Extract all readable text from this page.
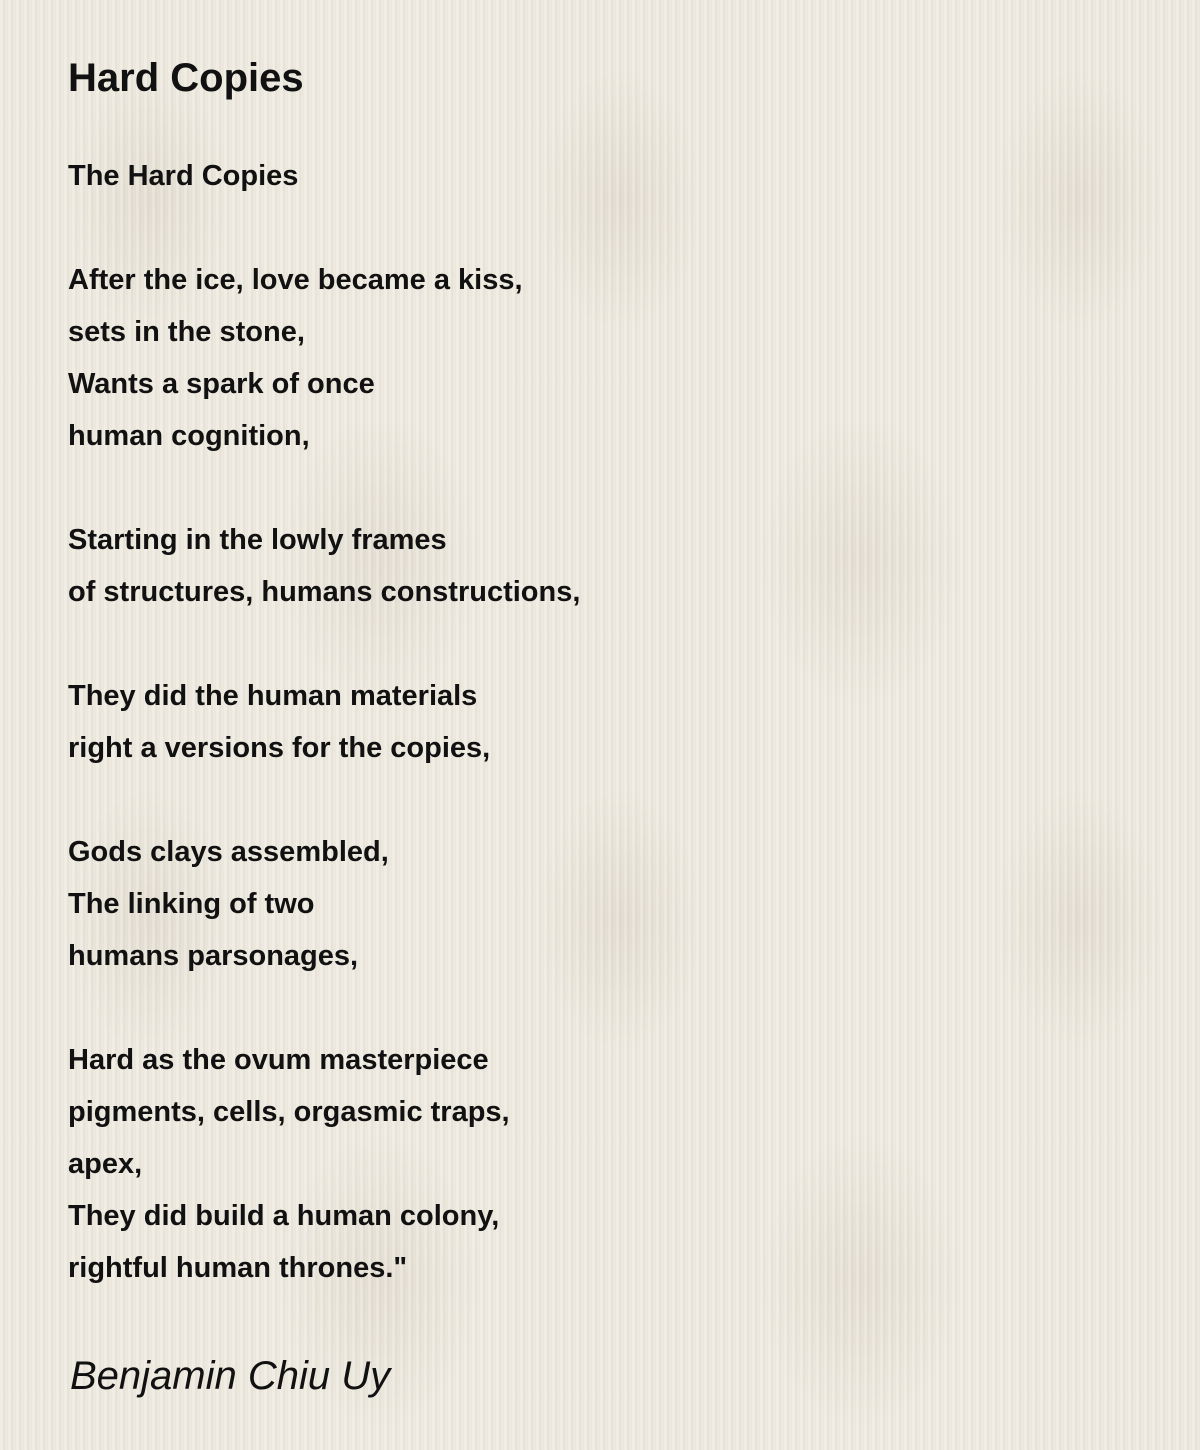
Hard Copies
The Hard Copies
After the ice, love became a kiss,
sets in the stone,
Wants a spark of once
human cognition,
Starting in the lowly frames
of structures, humans constructions,
They did the human materials
right a versions for the copies,
Gods clays assembled,
The linking of two
humans parsonages,
Hard as the ovum masterpiece
pigments, cells, orgasmic traps,
apex,
They did build a human colony,
rightful human thrones."

Benjamin Chiu Uy
